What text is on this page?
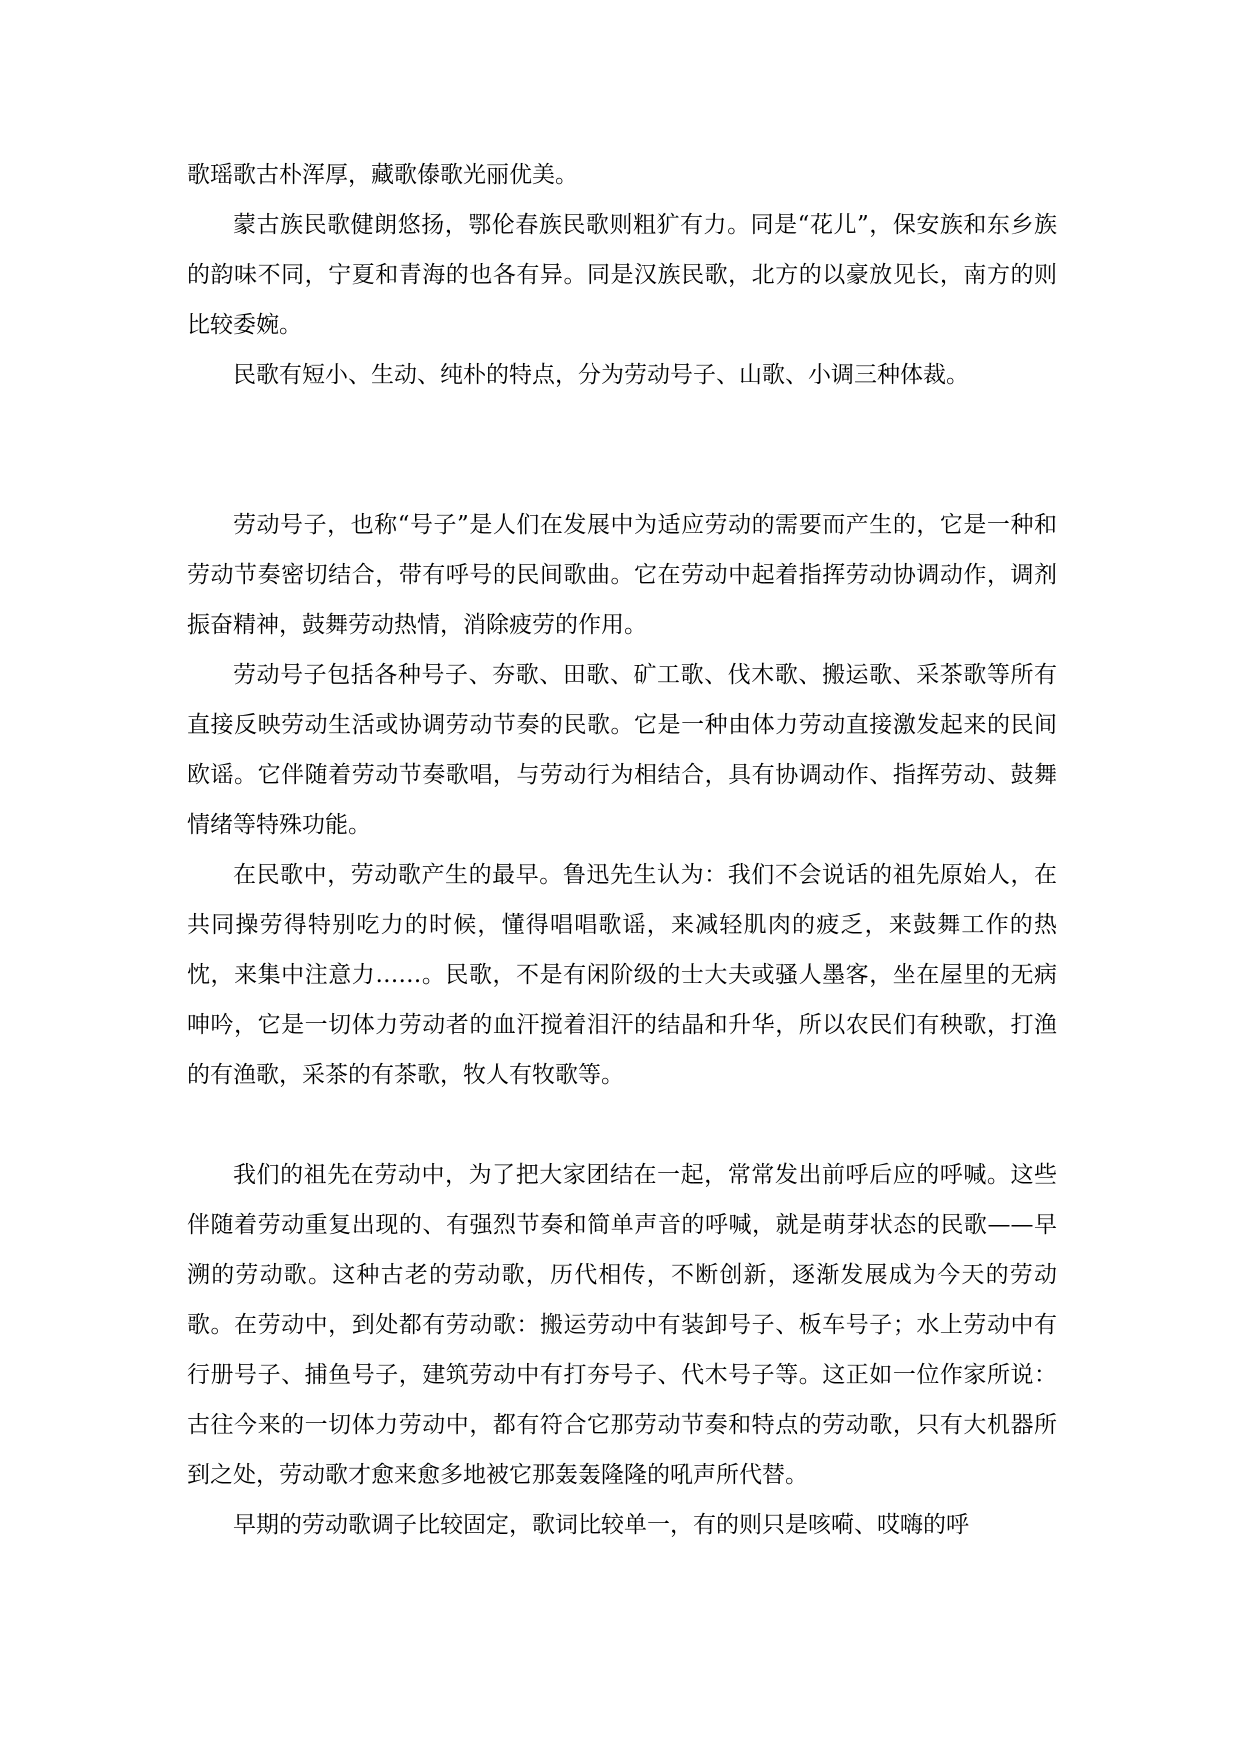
歌瑶歌古朴浑厚，藏歌傣歌光丽优美。

蒙古族民歌健朗悠扬，鄂伦春族民歌则粗犷有力。同是“花儿”，保安族和东乡族的韵味不同，宁夏和青海的也各有异。同是汉族民歌，北方的以豪放见长，南方的则比较委婉。

民歌有短小、生动、纯朴的特点，分为劳动号子、山歌、小调三种体裁。

劳动号子，也称“号子”是人们在发展中为适应劳动的需要而产生的，它是一种和劳动节奏密切结合，带有呼号的民间歌曲。它在劳动中起着指挥劳动协调动作，调剂振奋精神，鼓舞劳动热情，消除疲劳的作用。

劳动号子包括各种号子、夯歌、田歌、矿工歌、伐木歌、搬运歌、采茶歌等所有直接反映劳动生活或协调劳动节奏的民歌。它是一种由体力劳动直接激发起来的民间欧谣。它伴随着劳动节奏歌唱，与劳动行为相结合，具有协调动作、指挥劳动、鼓舞情绪等特殊功能。

在民歌中，劳动歌产生的最早。鲁迅先生认为：我们不会说话的祖先原始人，在共同操劳得特别吃力的时候，懂得唱唱歌谣，来减轻肌肉的疲乏，来鼓舞工作的热忱，来集中注意力……。民歌，不是有闲阶级的士大夫或骚人墨客，坐在屋里的无病呻吟，它是一切体力劳动者的血汗搅着泪汗的结晶和升华，所以农民们有秧歌，打渔的有渔歌，采茶的有茶歌，牧人有牧歌等。

我们的祖先在劳动中，为了把大家团结在一起，常常发出前呼后应的呼喊。这些伴随着劳动重复出现的、有强烈节奏和简单声音的呼喊，就是萌芽状态的民歌——早溯的劳动歌。这种古老的劳动歌，历代相传，不断创新，逐渐发展成为今天的劳动歌。在劳动中，到处都有劳动歌：搬运劳动中有装卸号子、板车号子；水上劳动中有行册号子、捕鱼号子，建筑劳动中有打夯号子、代木号子等。这正如一位作家所说：古往今来的一切体力劳动中，都有符合它那劳动节奏和特点的劳动歌，只有大机器所到之处，劳动歌才愈来愈多地被它那轰轰隆隆的吼声所代替。

早期的劳动歌调子比较固定，歌词比较单一，有的则只是咳嗬、哎嗨的呼
